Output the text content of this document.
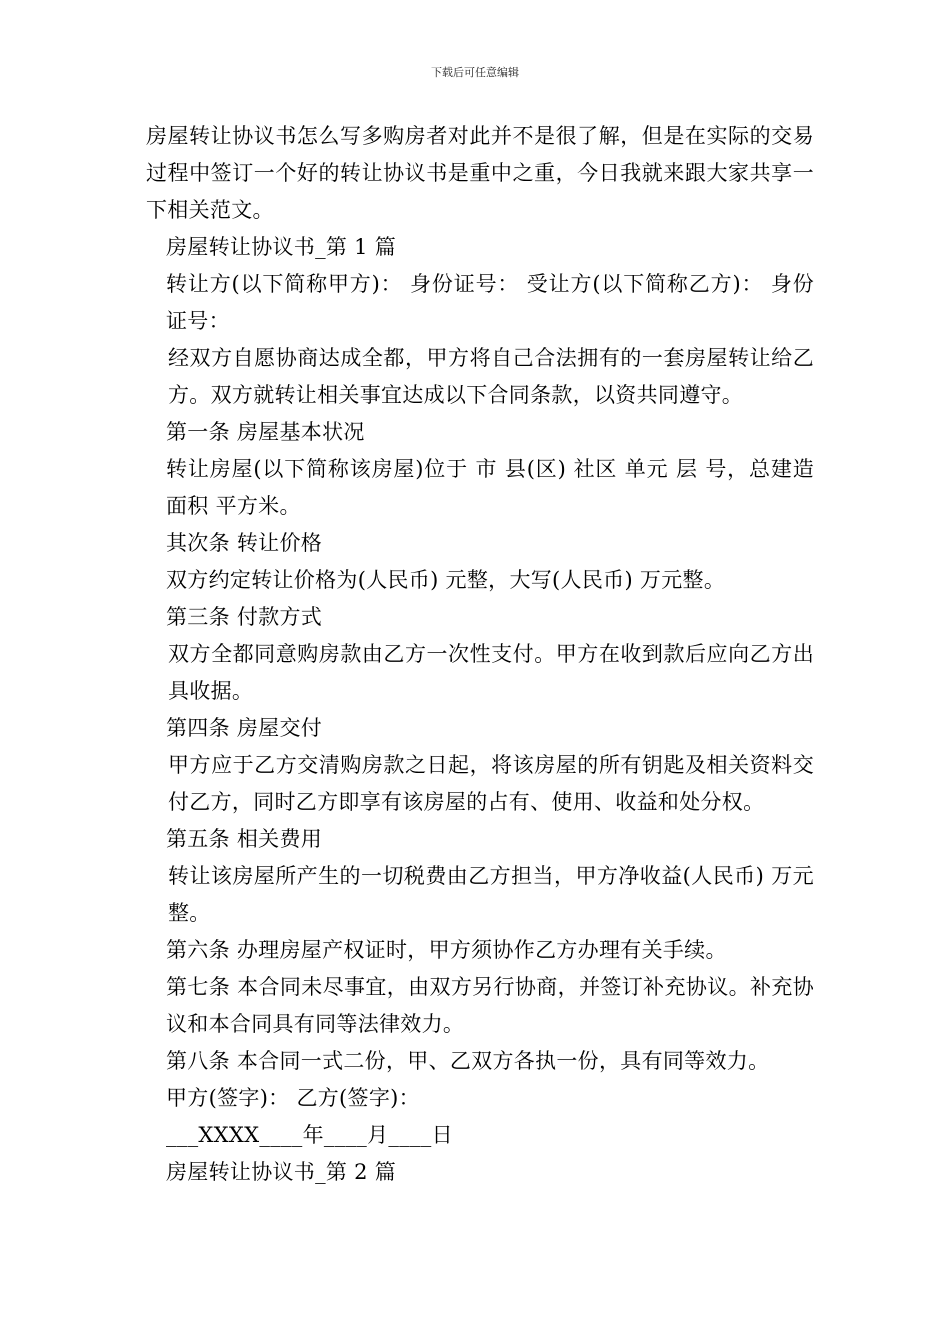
下载后可任意编辑

房屋转让协议书怎么写多购房者对此并不是很了解，但是在实际的交易过程中签订一个好的转让协议书是重中之重，今日我就来跟大家共享一下相关范文。

房屋转让协议书_第 1 篇

转让方(以下简称甲方)： 身份证号： 受让方(以下简称乙方)： 身份证号：

经双方自愿协商达成全都，甲方将自己合法拥有的一套房屋转让给乙方。双方就转让相关事宜达成以下合同条款，以资共同遵守。

第一条 房屋基本状况

转让房屋(以下简称该房屋)位于 市 县(区) 社区 单元 层 号，总建造面积 平方米。

其次条 转让价格

双方约定转让价格为(人民币) 元整，大写(人民币) 万元整。

第三条 付款方式

双方全都同意购房款由乙方一次性支付。甲方在收到款后应向乙方出具收据。

第四条 房屋交付

甲方应于乙方交清购房款之日起，将该房屋的所有钥匙及相关资料交付乙方，同时乙方即享有该房屋的占有、使用、收益和处分权。

第五条 相关费用

转让该房屋所产生的一切税费由乙方担当，甲方净收益(人民币) 万元整。

第六条 办理房屋产权证时，甲方须协作乙方办理有关手续。

第七条 本合同未尽事宜，由双方另行协商，并签订补充协议。补充协议和本合同具有同等法律效力。

第八条 本合同一式二份，甲、乙双方各执一份，具有同等效力。

甲方(签字)： 乙方(签字)：

___XXXX____年____月____日

房屋转让协议书_第 2 篇
